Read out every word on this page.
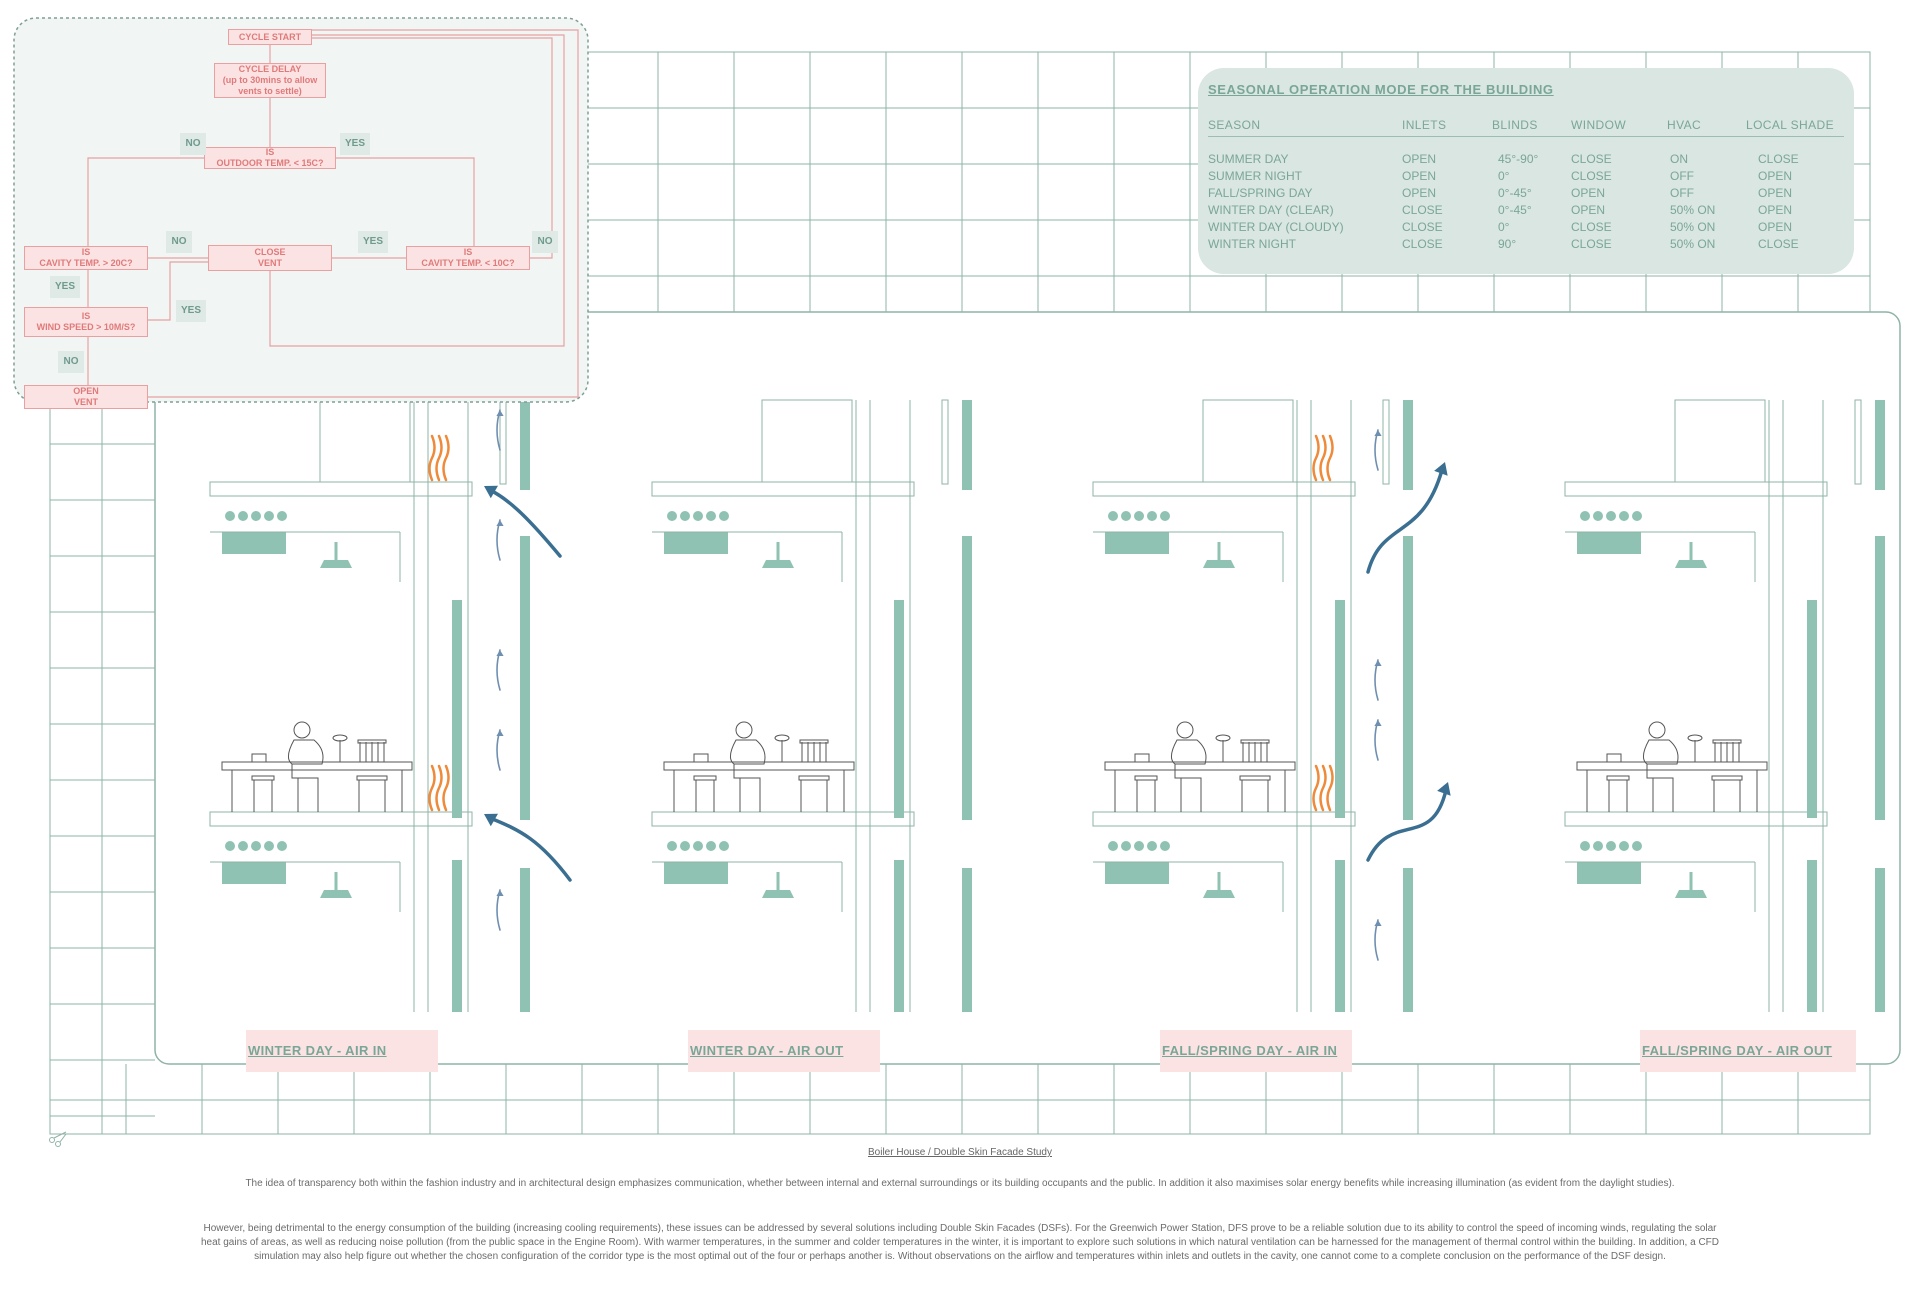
CYCLE START
CYCLE DELAY
(up to 30mins to allow
vents to settle)
IS
OUTDOOR TEMP. < 15C?
CLOSE
VENT
IS
CAVITY TEMP. > 20C?
IS
CAVITY TEMP. < 10C?
IS
WIND SPEED > 10M/S?
OPEN
VENT
NO	YES
NO	YES	NO
YES
YES
NO
SEASONAL OPERATION MODE FOR THE BUILDING
SEASON	INLETS	BLINDS	WINDOW	HVAC	LOCAL SHADE
SUMMER DAY	OPEN	45°-90°	CLOSE	ON	CLOSE
SUMMER NIGHT	OPEN	0°	CLOSE	OFF	OPEN
FALL/SPRING DAY	OPEN	0°-45°	OPEN	OFF	OPEN
WINTER DAY (CLEAR)	CLOSE	0°-45°	OPEN	50% ON	OPEN
WINTER DAY (CLOUDY)	CLOSE	0°	CLOSE	50% ON	OPEN
WINTER NIGHT	CLOSE	90°	CLOSE	50% ON	CLOSE
WINTER DAY - AIR IN	WINTER DAY - AIR OUT	FALL/SPRING DAY - AIR IN	FALL/SPRING DAY - AIR OUT
Boiler House / Double Skin Facade Study
The idea of transparency both within the fashion industry and in architectural design emphasizes communication, whether between internal and external surroundings or its building occupants and the public. In addition it also maximises solar energy benefits while increasing illumination (as evident from the daylight studies).
However, being detrimental to the energy consumption of the building (increasing cooling requirements), these issues can be addressed by several solutions including Double Skin Facades (DSFs). For the Greenwich Power Station, DFS prove to be a reliable solution due to its ability to control the speed of incoming winds, regulating the solar heat gains of areas, as well as reducing noise pollution (from the public space in the Engine Room). With warmer temperatures, in the summer and colder temperatures in the winter, it is important to explore such solutions in which natural ventilation can be harnessed for the management of thermal control within the building. In addition, a CFD simulation may also help figure out whether the chosen configuration of the corridor type is the most optimal out of the four or perhaps another is. Without observations on the airflow and temperatures within inlets and outlets in the cavity, one cannot come to a complete conclusion on the performance of the DSF design.
